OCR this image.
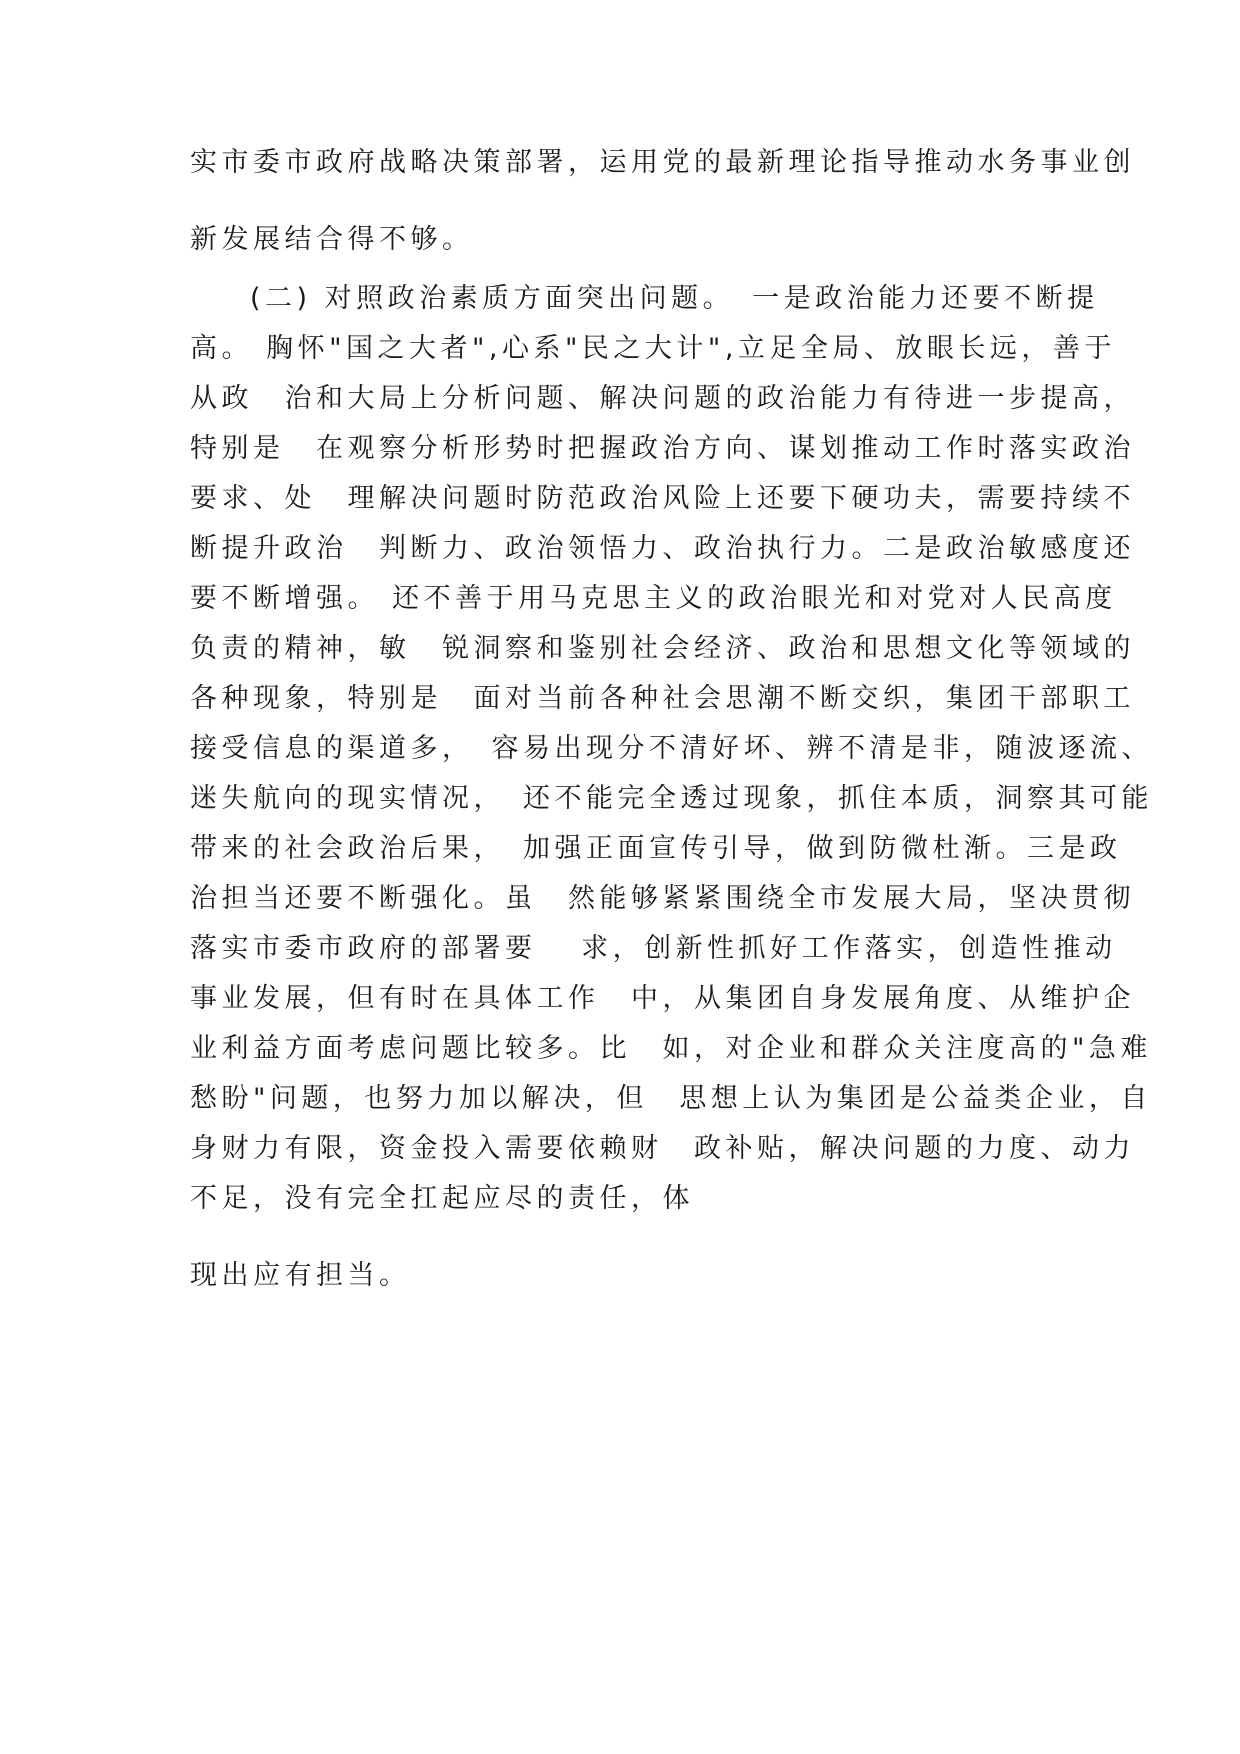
实市委市政府战略决策部署，运用党的最新理论指导推动水务事业创
新发展结合得不够。
(二) 对照政治素质方面突出问题。　一是政治能力还要不断提
高。 胸怀"国之大者",心系"民之大计",立足全局、放眼长远，善于
从政　治和大局上分析问题、解决问题的政治能力有待进一步提高，
特别是　在观察分析形势时把握政治方向、谋划推动工作时落实政治
要求、处　理解决问题时防范政治风险上还要下硬功夫，需要持续不
断提升政治　判断力、政治领悟力、政治执行力。二是政治敏感度还
要不断增强。 还不善于用马克思主义的政治眼光和对党对人民高度
负责的精神，敏　锐洞察和鉴别社会经济、政治和思想文化等领域的
各种现象，特别是　面对当前各种社会思潮不断交织，集团干部职工
接受信息的渠道多，　容易出现分不清好坏、辨不清是非，随波逐流、
迷失航向的现实情况，　还不能完全透过现象，抓住本质，洞察其可能
带来的社会政治后果，　加强正面宣传引导，做到防微杜渐。三是政
治担当还要不断强化。虽　然能够紧紧围绕全市发展大局，坚决贯彻
落实市委市政府的部署要　 求，创新性抓好工作落实，创造性推动
事业发展，但有时在具体工作　中，从集团自身发展角度、从维护企
业利益方面考虑问题比较多。比　如，对企业和群众关注度高的"急难
愁盼"问题，也努力加以解决，但　思想上认为集团是公益类企业，自
身财力有限，资金投入需要依赖财　政补贴，解决问题的力度、动力
不足，没有完全扛起应尽的责任，体
现出应有担当。
